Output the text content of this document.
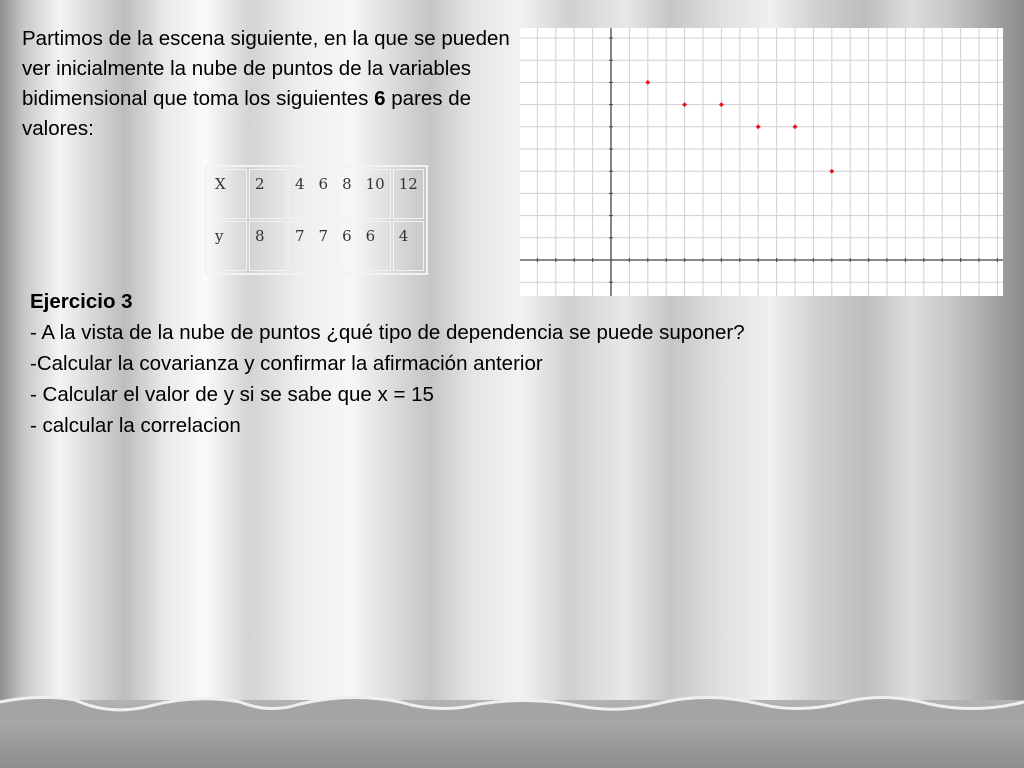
Partimos de la escena siguiente, en la que se pueden ver inicialmente la nube de puntos de la variables bidimensional que toma los siguientes 6 pares de valores:

X	2	4	6	8	10	12
y	8	7	7	6	6	4
Ejercicio 3
- A la vista de la nube de puntos ¿qué tipo de dependencia se puede suponer?
-Calcular la covarianza y confirmar la afirmación anterior
- Calcular el valor de y si se sabe que x = 15
- calcular la correlacion
